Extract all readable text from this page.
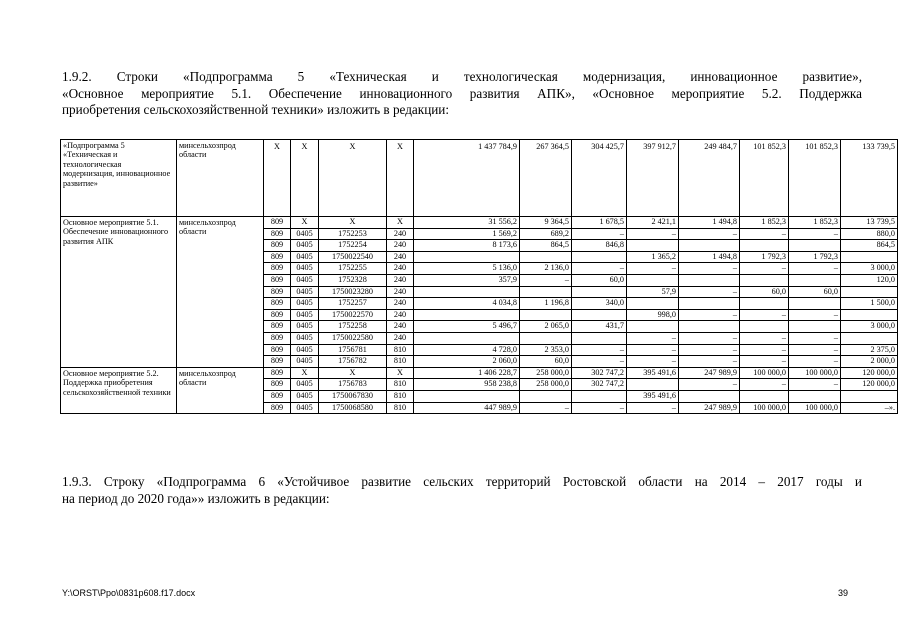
1.9.2. Строки «Подпрограмма 5 «Техническая и технологическая модернизация, инновационное развитие»,
«Основное мероприятие 5.1. Обеспечение инновационного развития АПК», «Основное мероприятие 5.2. Поддержка
приобретения сельскохозяйственной техники» изложить в редакции:
«Подпрограмма 5 «Техническая и технологическая модернизация, инновационное развитие»	минсельхозпрод области	X	X	X	X	1 437 784,9	267 364,5	304 425,7	397 912,7	249 484,7	101 852,3	101 852,3	133 739,5
Основное мероприятие 5.1. Обеспечение инновационного развития АПК	минсельхозпрод области	809	X	X	X	31 556,2	9 364,5	1 678,5	2 421,1	1 494,8	1 852,3	1 852,3	13 739,5
		809	0405	1752253	240	1 569,2	689,2	–	–	–	–	–	880,0
		809	0405	1752254	240	8 173,6	864,5	846,8					864,5
		809	0405	1750022540	240				1 365,2	1 494,8	1 792,3	1 792,3	
		809	0405	1752255	240	5 136,0	2 136,0	–	–	–	–	–	3 000,0
		809	0405	1752328	240	357,9	–	60,0					120,0
		809	0405	1750023280	240				57,9	–	60,0	60,0	
		809	0405	1752257	240	4 034,8	1 196,8	340,0					1 500,0
		809	0405	1750022570	240				998,0	–	–	–	
		809	0405	1752258	240	5 496,7	2 065,0	431,7					3 000,0
		809	0405	1750022580	240				–	–	–	–	
		809	0405	1756781	810	4 728,0	2 353,0	–	–	–	–	–	2 375,0
		809	0405	1756782	810	2 060,0	60,0	–	–	–	–	–	2 000,0
Основное мероприятие 5.2. Поддержка приобретения сельскохозяйственной техники	минсельхозпрод области	809	X	X	X	1 406 228,7	258 000,0	302 747,2	395 491,6	247 989,9	100 000,0	100 000,0	120 000,0
		809	0405	1756783	810	958 238,8	258 000,0	302 747,2		–	–	–	120 000,0
		809	0405	1750067830	810				395 491,6				
		809	0405	1750068580	810	447 989,9	–	–	–	247 989,9	100 000,0	100 000,0	–».
1.9.3. Строку «Подпрограмма 6 «Устойчивое развитие сельских территорий Ростовской области на 2014 – 2017 годы и
на период до 2020 года»» изложить в редакции:
Y:\ORST\Ppo\0831p608.f17.docx	39
